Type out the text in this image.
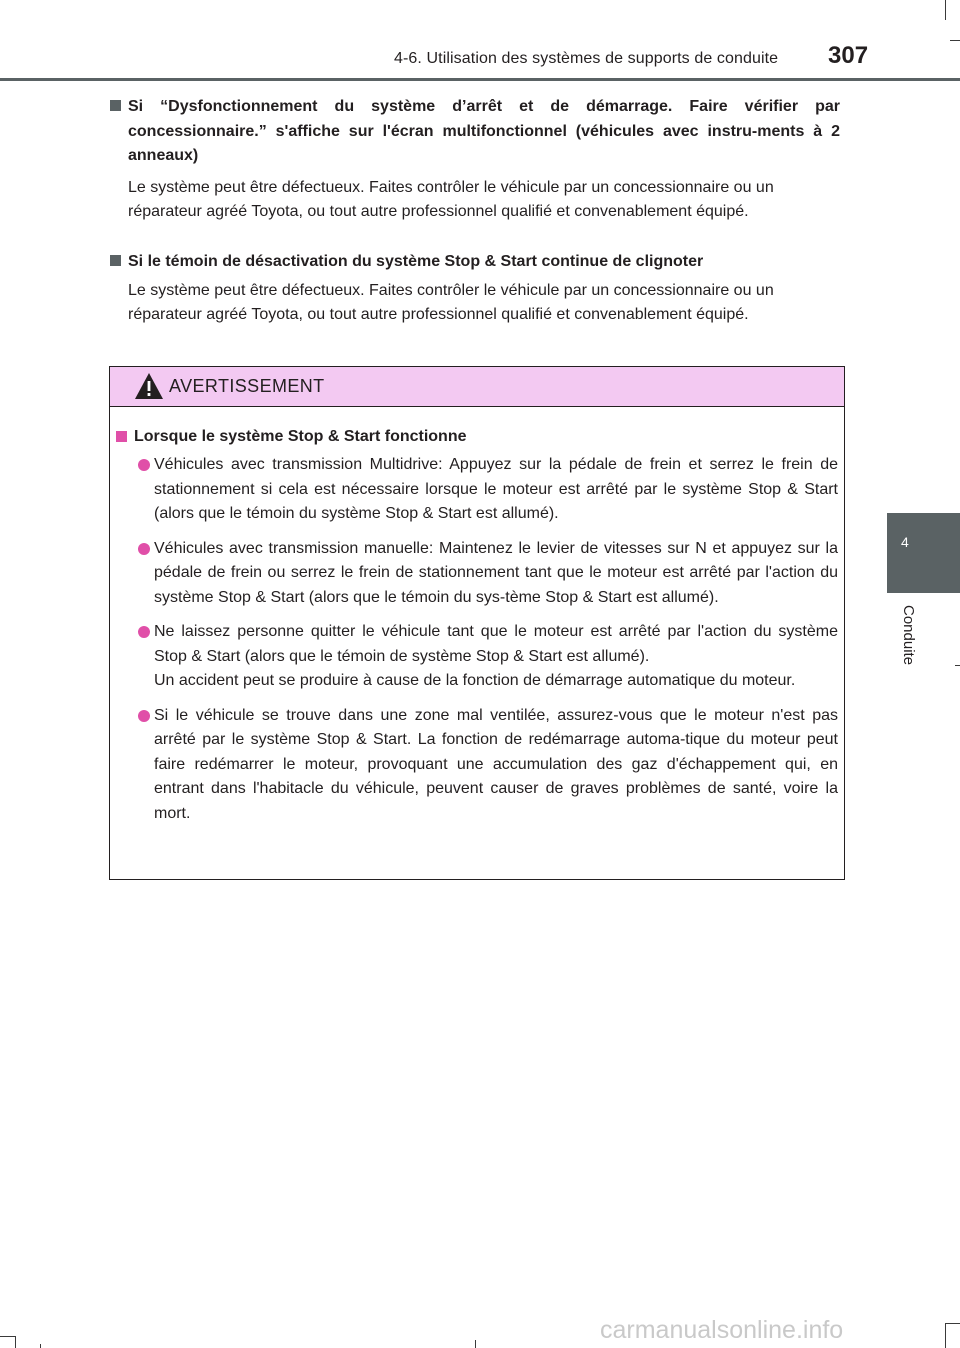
4-6. Utilisation des systèmes de supports de conduite 307
4
Conduite
Si “Dysfonctionnement du système d’arrêt et de démarrage. Faire vérifier par concessionnaire.” s'affiche sur l'écran multifonctionnel (véhicules avec instru-ments à 2 anneaux)
Le système peut être défectueux. Faites contrôler le véhicule par un concessionnaire ou un réparateur agréé Toyota, ou tout autre professionnel qualifié et convenablement équipé.
Si le témoin de désactivation du système Stop & Start continue de clignoter
Le système peut être défectueux. Faites contrôler le véhicule par un concessionnaire ou un réparateur agréé Toyota, ou tout autre professionnel qualifié et convenablement équipé.
AVERTISSEMENT
Lorsque le système Stop & Start fonctionne
Véhicules avec transmission Multidrive: Appuyez sur la pédale de frein et serrez le frein de stationnement si cela est nécessaire lorsque le moteur est arrêté par le système Stop & Start (alors que le témoin du système Stop & Start est allumé).
Véhicules avec transmission manuelle: Maintenez le levier de vitesses sur N et appuyez sur la pédale de frein ou serrez le frein de stationnement tant que le moteur est arrêté par l'action du système Stop & Start (alors que le témoin du sys-tème Stop & Start est allumé).
Ne laissez personne quitter le véhicule tant que le moteur est arrêté par l'action du système Stop & Start (alors que le témoin de système Stop & Start est allumé).
Un accident peut se produire à cause de la fonction de démarrage automatique du moteur.
Si le véhicule se trouve dans une zone mal ventilée, assurez-vous que le moteur n'est pas arrêté par le système Stop & Start. La fonction de redémarrage automa-tique du moteur peut faire redémarrer le moteur, provoquant une accumulation des gaz d'échappement qui, en entrant dans l'habitacle du véhicule, peuvent causer de graves problèmes de santé, voire la mort.
carmanualsonline.info
